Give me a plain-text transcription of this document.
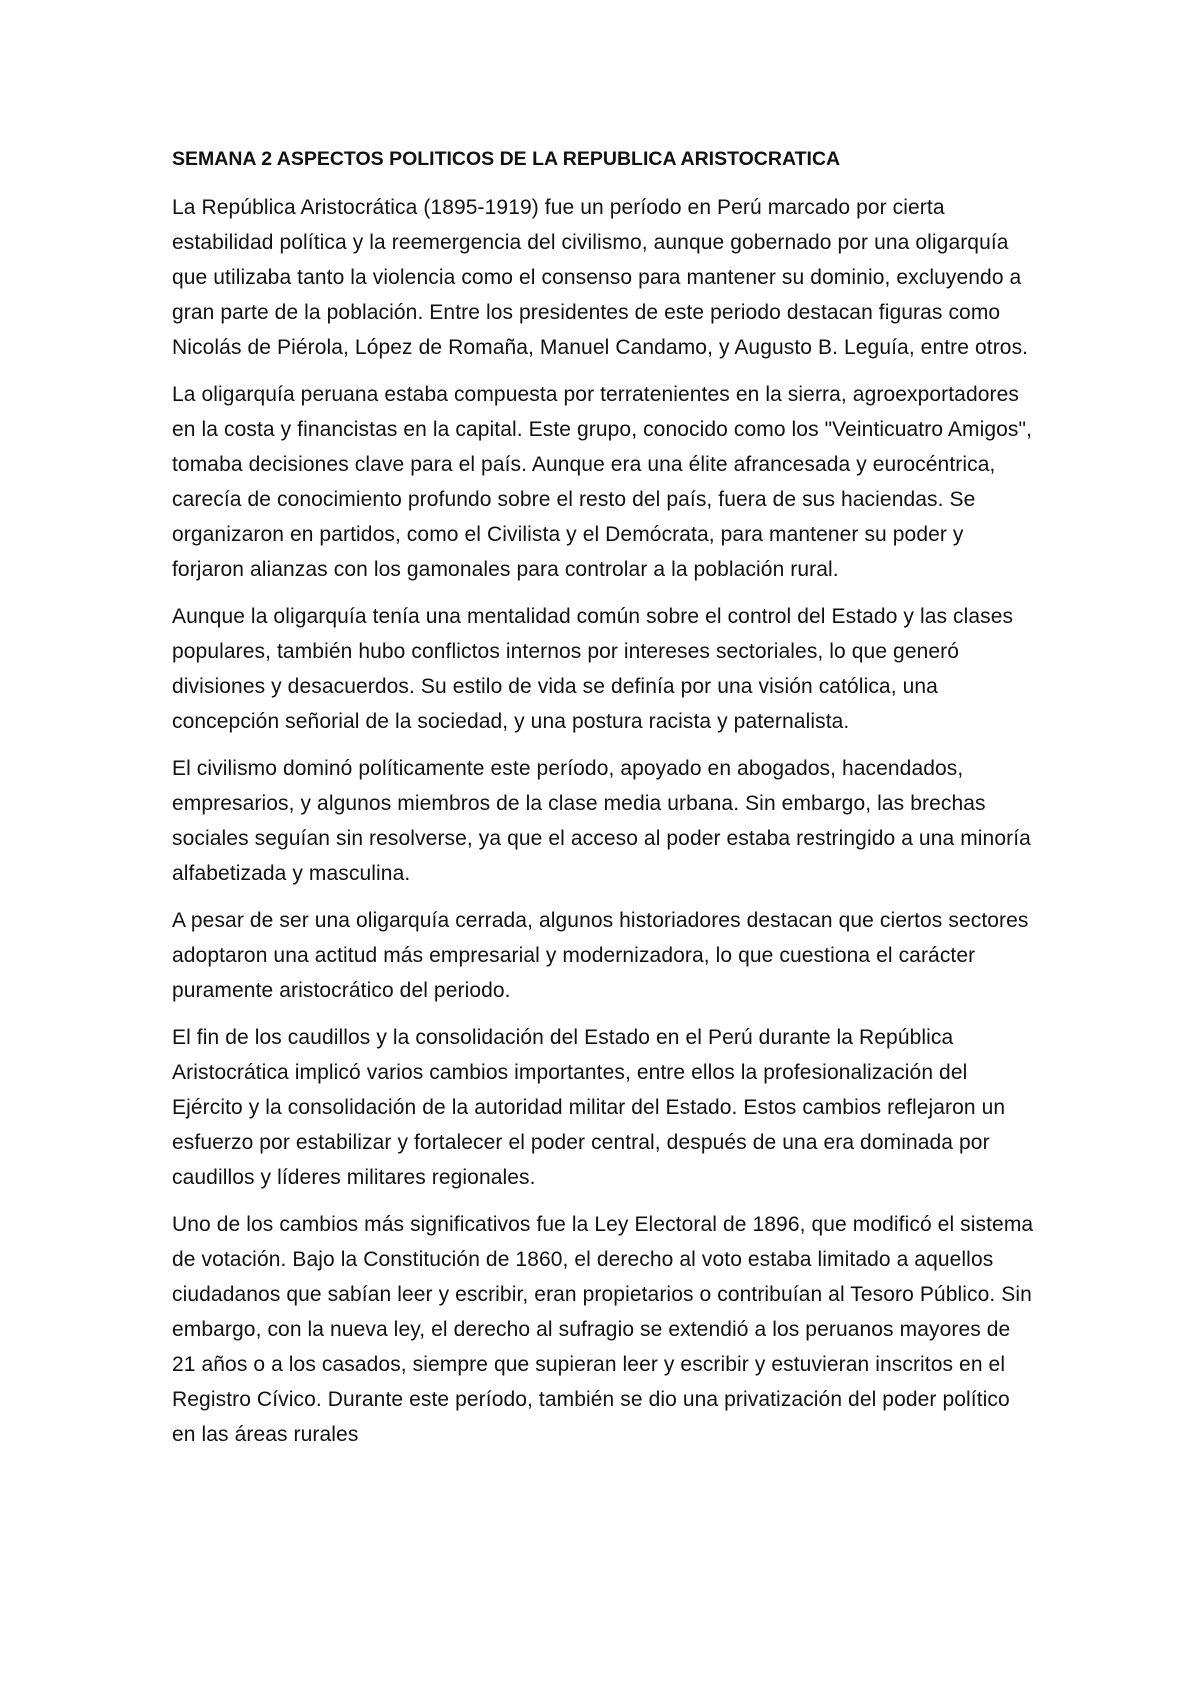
SEMANA 2 ASPECTOS POLITICOS DE LA REPUBLICA ARISTOCRATICA

La República Aristocrática (1895-1919) fue un período en Perú marcado por cierta estabilidad política y la reemergencia del civilismo, aunque gobernado por una oligarquía que utilizaba tanto la violencia como el consenso para mantener su dominio, excluyendo a gran parte de la población. Entre los presidentes de este periodo destacan figuras como Nicolás de Piérola, López de Romaña, Manuel Candamo, y Augusto B. Leguía, entre otros.

La oligarquía peruana estaba compuesta por terratenientes en la sierra, agroexportadores en la costa y financistas en la capital. Este grupo, conocido como los "Veinticuatro Amigos", tomaba decisiones clave para el país. Aunque era una élite afrancesada y eurocéntrica, carecía de conocimiento profundo sobre el resto del país, fuera de sus haciendas. Se organizaron en partidos, como el Civilista y el Demócrata, para mantener su poder y forjaron alianzas con los gamonales para controlar a la población rural.

Aunque la oligarquía tenía una mentalidad común sobre el control del Estado y las clases populares, también hubo conflictos internos por intereses sectoriales, lo que generó divisiones y desacuerdos. Su estilo de vida se definía por una visión católica, una concepción señorial de la sociedad, y una postura racista y paternalista.

El civilismo dominó políticamente este período, apoyado en abogados, hacendados, empresarios, y algunos miembros de la clase media urbana. Sin embargo, las brechas sociales seguían sin resolverse, ya que el acceso al poder estaba restringido a una minoría alfabetizada y masculina.

A pesar de ser una oligarquía cerrada, algunos historiadores destacan que ciertos sectores adoptaron una actitud más empresarial y modernizadora, lo que cuestiona el carácter puramente aristocrático del periodo.

El fin de los caudillos y la consolidación del Estado en el Perú durante la República Aristocrática implicó varios cambios importantes, entre ellos la profesionalización del Ejército y la consolidación de la autoridad militar del Estado. Estos cambios reflejaron un esfuerzo por estabilizar y fortalecer el poder central, después de una era dominada por caudillos y líderes militares regionales.

Uno de los cambios más significativos fue la Ley Electoral de 1896, que modificó el sistema de votación. Bajo la Constitución de 1860, el derecho al voto estaba limitado a aquellos ciudadanos que sabían leer y escribir, eran propietarios o contribuían al Tesoro Público. Sin embargo, con la nueva ley, el derecho al sufragio se extendió a los peruanos mayores de 21 años o a los casados, siempre que supieran leer y escribir y estuvieran inscritos en el Registro Cívico. Durante este período, también se dio una privatización del poder político en las áreas rurales
